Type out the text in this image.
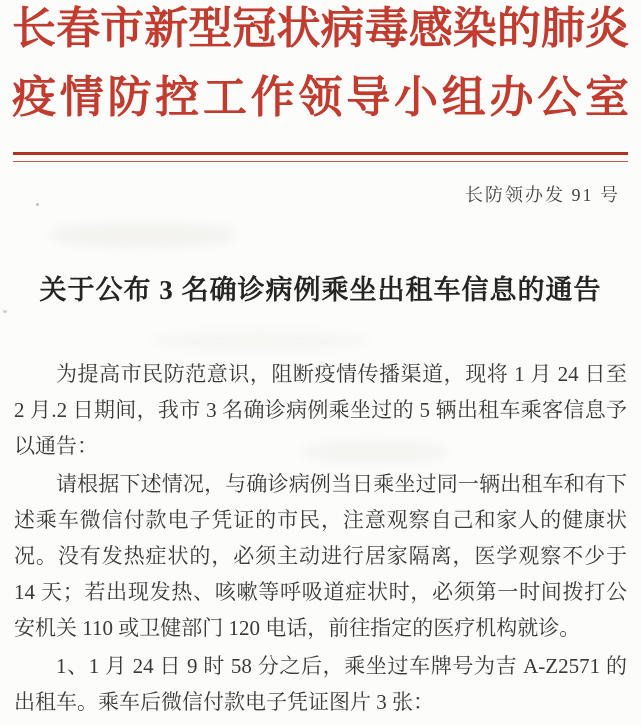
长春市新型冠状病毒感染的肺炎
疫情防控工作领导小组办公室
长防领办发 91 号
关于公布 3 名确诊病例乘坐出租车信息的通告

为提高市民防范意识，阻断疫情传播渠道，现将 1 月 24 日至 2 月.2 日期间，我市 3 名确诊病例乘坐过的 5 辆出租车乘客信息予以通告：

请根据下述情况，与确诊病例当日乘坐过同一辆出租车和有下述乘车微信付款电子凭证的市民，注意观察自己和家人的健康状况。没有发热症状的，必须主动进行居家隔离，医学观察不少于 14 天；若出现发热、咳嗽等呼吸道症状时，必须第一时间拨打公安机关 110 或卫健部门 120 电话，前往指定的医疗机构就诊。

1、1 月 24 日 9 时 58 分之后，乘坐过车牌号为吉 A-Z2571 的出租车。乘车后微信付款电子凭证图片 3 张：
